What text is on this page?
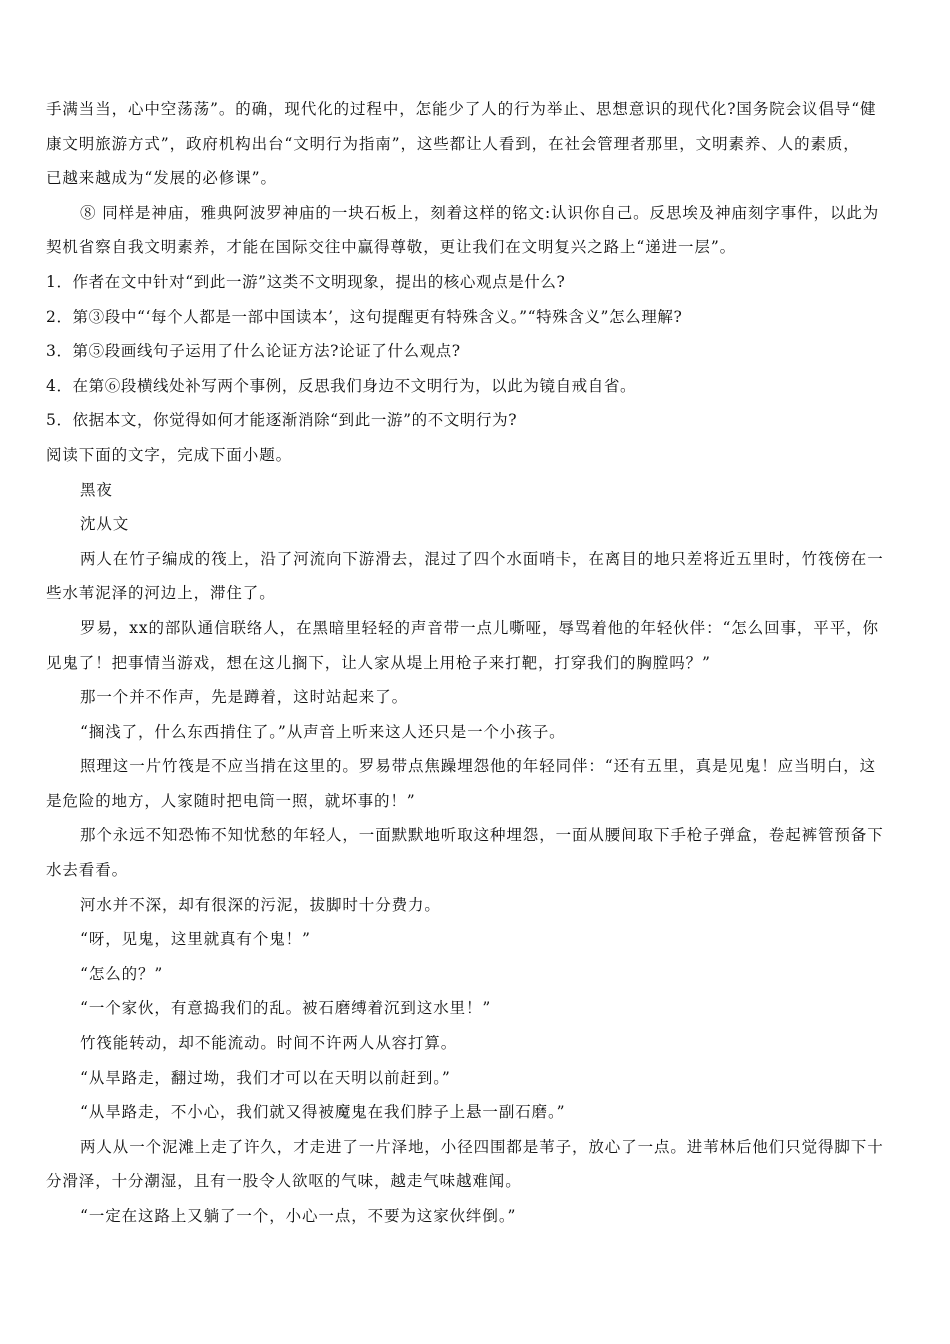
手满当当，心中空荡荡”。的确，现代化的过程中，怎能少了人的行为举止、思想意识的现代化?国务院会议倡导“健
康文明旅游方式”，政府机构出台“文明行为指南”，这些都让人看到，在社会管理者那里，文明素养、人的素质，
已越来越成为“发展的必修课”。
⑧ 同样是神庙，雅典阿波罗神庙的一块石板上，刻着这样的铭文:认识你自己。反思埃及神庙刻字事件，以此为
契机省察自我文明素养，才能在国际交往中赢得尊敬，更让我们在文明复兴之路上“递进一层”。
1．作者在文中针对“到此一游”这类不文明现象，提出的核心观点是什么?
2．第③段中“‘每个人都是一部中国读本’，这句提醒更有特殊含义。”“特殊含义”怎么理解?
3．第⑤段画线句子运用了什么论证方法?论证了什么观点?
4．在第⑥段横线处补写两个事例，反思我们身边不文明行为，以此为镜自戒自省。
5．依据本文，你觉得如何才能逐渐消除“到此一游”的不文明行为?
阅读下面的文字，完成下面小题。
黑夜
沈从文
两人在竹子编成的筏上，沿了河流向下游滑去，混过了四个水面哨卡，在离目的地只差将近五里时，竹筏傍在一
些水苇泥泽的河边上，滞住了。
罗易，xx的部队通信联络人，在黑暗里轻轻的声音带一点儿嘶哑，辱骂着他的年轻伙伴：“怎么回事，平平，你
见鬼了！把事情当游戏，想在这儿搁下，让人家从堤上用枪子来打靶，打穿我们的胸膛吗？”
那一个并不作声，先是蹲着，这时站起来了。
“搁浅了，什么东西掯住了。”从声音上听来这人还只是一个小孩子。
照理这一片竹筏是不应当掯在这里的。罗易带点焦躁埋怨他的年轻同伴：“还有五里，真是见鬼！应当明白，这
是危险的地方，人家随时把电筒一照，就坏事的！”
那个永远不知恐怖不知忧愁的年轻人，一面默默地听取这种埋怨，一面从腰间取下手枪子弹盒，卷起裤管预备下
水去看看。
河水并不深，却有很深的污泥，拔脚时十分费力。
“呀，见鬼，这里就真有个鬼！”
“怎么的？”
“一个家伙，有意捣我们的乱。被石磨缚着沉到这水里！”
竹筏能转动，却不能流动。时间不许两人从容打算。
“从旱路走，翻过坳，我们才可以在天明以前赶到。”
“从旱路走，不小心，我们就又得被魔鬼在我们脖子上悬一副石磨。”
两人从一个泥滩上走了许久，才走进了一片泽地，小径四围都是苇子，放心了一点。进苇林后他们只觉得脚下十
分滑泽，十分潮湿，且有一股令人欲呕的气味，越走气味越难闻。
“一定在这路上又躺了一个，小心一点，不要为这家伙绊倒。”
